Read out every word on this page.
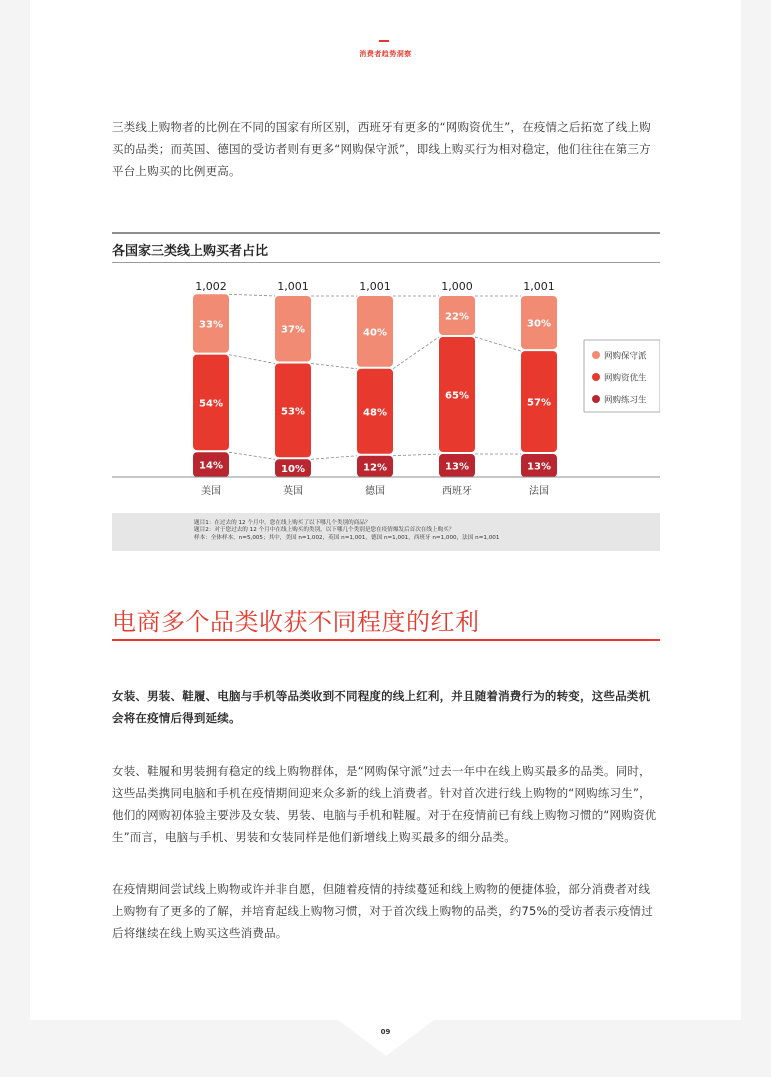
消费者趋势洞察

三类线上购物者的比例在不同的国家有所区别，西班牙有更多的“网购资优生”，在疫情之后拓宽了线上购买的品类；而英国、德国的受访者则有更多“网购保守派”，即线上购买行为相对稳定，他们往往在第三方平台上购买的比例更高。

各国家三类线上购买者占比
14%
54%
33%
1,002
美国
10%
53%
37%
1,001
英国
12%
48%
40%
1,001
德国
13%
65%
22%
1,000
西班牙
13%
57%
30%
1,001
法国
网购保守派
网购资优生
网购练习生
题目1：在过去的 12 个月中，您在线上购买了以下哪几个类别的商品？
题目2：对于您过去的 12 个月中在线上购买的类别，以下哪几个类别是您在疫情爆发后首次在线上购买？
样本：全体样本，n=5,005；其中，美国 n=1,002，英国 n=1,001，德国 n=1,001，西班牙 n=1,000，法国 n=1,001
电商多个品类收获不同程度的红利

女装、男装、鞋履、电脑与手机等品类收到不同程度的线上红利，并且随着消费行为的转变，这些品类机会将在疫情后得到延续。

女装、鞋履和男装拥有稳定的线上购物群体，是“网购保守派”过去一年中在线上购买最多的品类。同时，这些品类携同电脑和手机在疫情期间迎来众多新的线上消费者。针对首次进行线上购物的“网购练习生”，他们的网购初体验主要涉及女装、男装、电脑与手机和鞋履。对于在疫情前已有线上购物习惯的“网购资优生”而言，电脑与手机、男装和女装同样是他们新增线上购买最多的细分品类。

在疫情期间尝试线上购物或许并非自愿，但随着疫情的持续蔓延和线上购物的便捷体验，部分消费者对线上购物有了更多的了解，并培育起线上购物习惯，对于首次线上购物的品类，约75%的受访者表示疫情过后将继续在线上购买这些消费品。

09
